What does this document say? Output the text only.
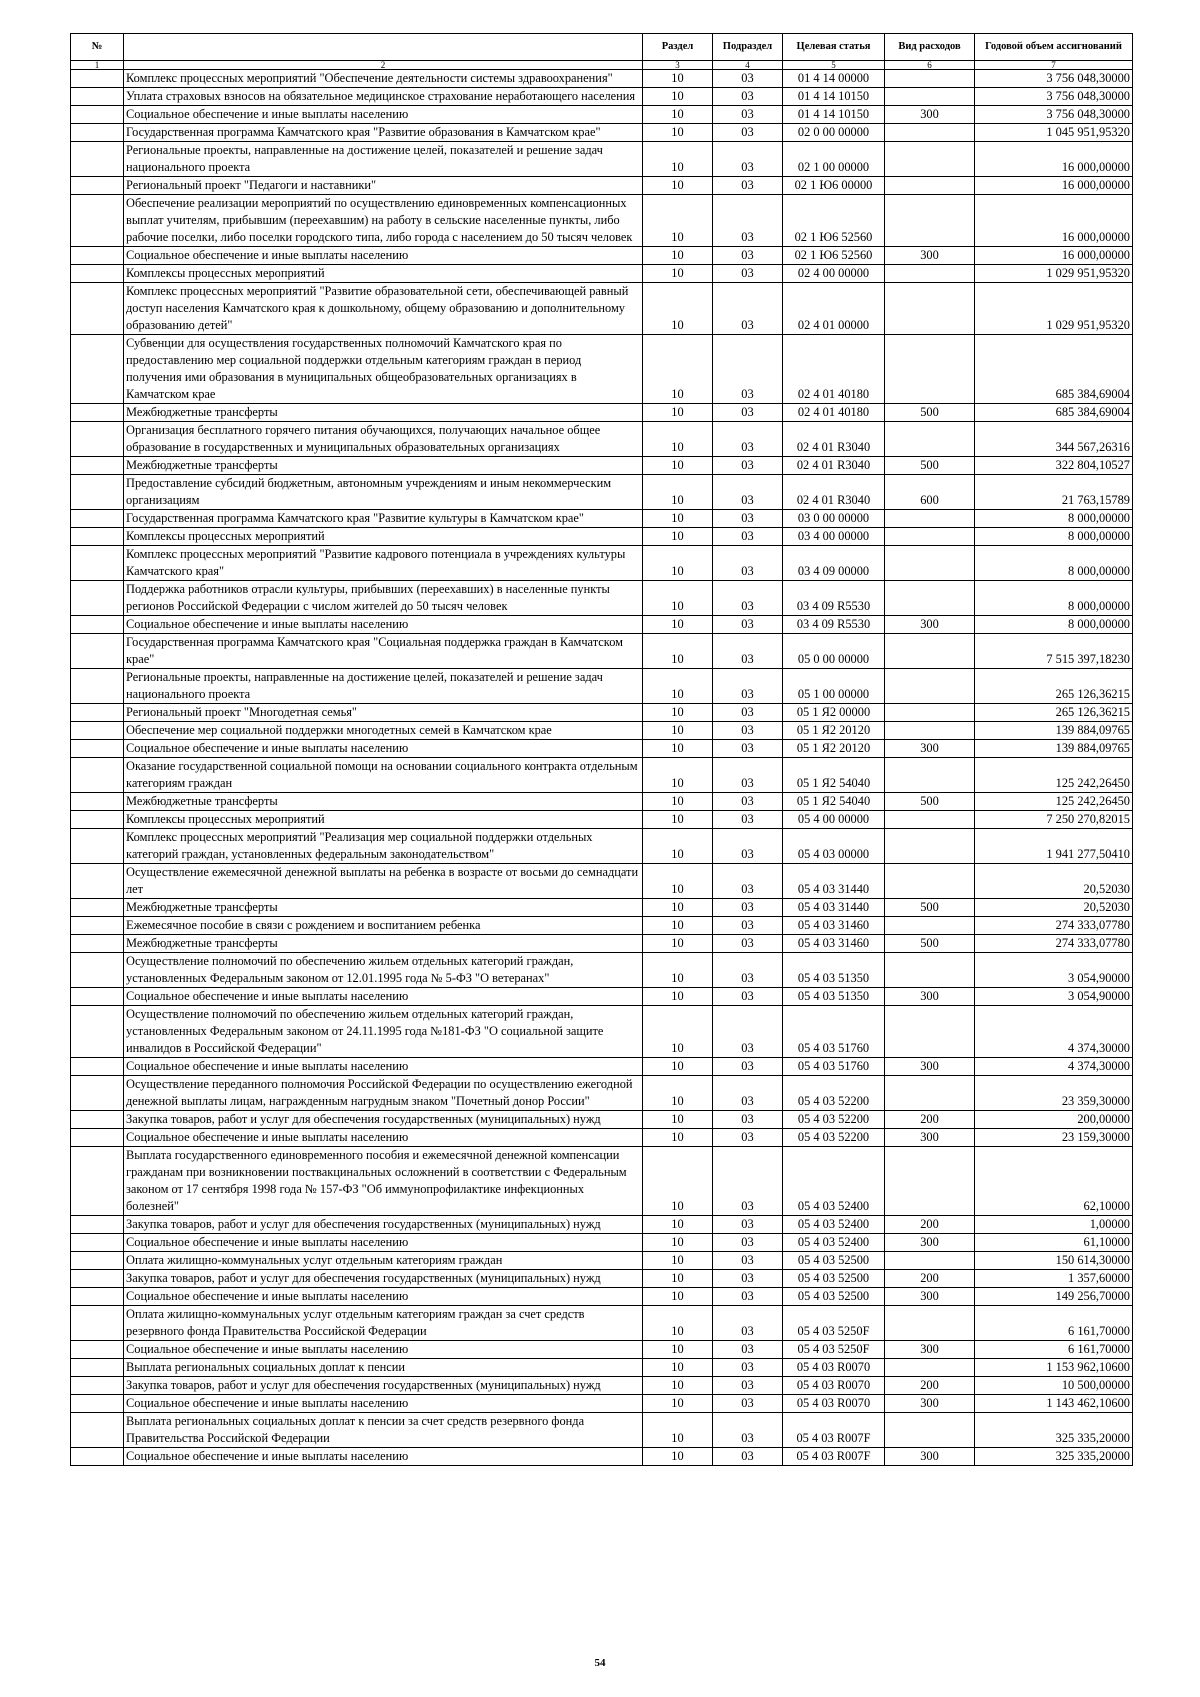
№		Раздел	Подраздел	Целевая статья	Вид расходов	Годовой объем ассигнований
1	2	3	4	5	6	7
	Комплекс процессных мероприятий "Обеспечение деятельности системы здравоохранения"	10	03	01 4 14 00000		3 756 048,30000
	Уплата страховых взносов на обязательное медицинское страхование неработающего населения	10	03	01 4 14 10150		3 756 048,30000
	Социальное обеспечение и иные выплаты населению	10	03	01 4 14 10150	300	3 756 048,30000
	Государственная программа Камчатского края "Развитие образования в Камчатском крае"	10	03	02 0 00 00000		1 045 951,95320
	Региональные проекты, направленные на достижение целей, показателей и решение задач национального проекта	10	03	02 1 00 00000		16 000,00000
	Региональный проект "Педагоги и наставники"	10	03	02 1 Ю6 00000		16 000,00000
	Обеспечение реализации мероприятий по осуществлению единовременных компенсационных выплат учителям, прибывшим (переехавшим) на работу в сельские населенные пункты, либо рабочие поселки, либо поселки городского типа, либо города с населением до 50 тысяч человек	10	03	02 1 Ю6 52560		16 000,00000
	Социальное обеспечение и иные выплаты населению	10	03	02 1 Ю6 52560	300	16 000,00000
	Комплексы процессных мероприятий	10	03	02 4 00 00000		1 029 951,95320
	Комплекс процессных мероприятий "Развитие образовательной сети, обеспечивающей равный доступ населения Камчатского края к дошкольному, общему образованию и дополнительному образованию детей"	10	03	02 4 01 00000		1 029 951,95320
	Субвенции для осуществления государственных полномочий Камчатского края по предоставлению мер социальной поддержки отдельным категориям граждан в период получения ими образования в муниципальных общеобразовательных организациях в Камчатском крае	10	03	02 4 01 40180		685 384,69004
	Межбюджетные трансферты	10	03	02 4 01 40180	500	685 384,69004
	Организация бесплатного горячего питания обучающихся, получающих начальное общее образование в государственных и муниципальных образовательных организациях	10	03	02 4 01 R3040		344 567,26316
	Межбюджетные трансферты	10	03	02 4 01 R3040	500	322 804,10527
	Предоставление субсидий бюджетным, автономным учреждениям и иным некоммерческим организациям	10	03	02 4 01 R3040	600	21 763,15789
	Государственная программа Камчатского края "Развитие культуры в Камчатском крае"	10	03	03 0 00 00000		8 000,00000
	Комплексы процессных мероприятий	10	03	03 4 00 00000		8 000,00000
	Комплекс процессных мероприятий "Развитие кадрового потенциала в учреждениях культуры Камчатского края"	10	03	03 4 09 00000		8 000,00000
	Поддержка работников отрасли культуры, прибывших (переехавших) в населенные пункты регионов Российской Федерации с числом жителей до 50 тысяч человек	10	03	03 4 09 R5530		8 000,00000
	Социальное обеспечение и иные выплаты населению	10	03	03 4 09 R5530	300	8 000,00000
	Государственная программа Камчатского края "Социальная поддержка граждан в Камчатском крае"	10	03	05 0 00 00000		7 515 397,18230
	Региональные проекты, направленные на достижение целей, показателей и решение задач национального проекта	10	03	05 1 00 00000		265 126,36215
	Региональный проект "Многодетная семья"	10	03	05 1 Я2 00000		265 126,36215
	Обеспечение мер социальной поддержки многодетных семей в Камчатском крае	10	03	05 1 Я2 20120		139 884,09765
	Социальное обеспечение и иные выплаты населению	10	03	05 1 Я2 20120	300	139 884,09765
	Оказание государственной социальной помощи на основании социального контракта отдельным категориям граждан	10	03	05 1 Я2 54040		125 242,26450
	Межбюджетные трансферты	10	03	05 1 Я2 54040	500	125 242,26450
	Комплексы процессных мероприятий	10	03	05 4 00 00000		7 250 270,82015
	Комплекс процессных мероприятий "Реализация мер социальной поддержки отдельных категорий граждан, установленных федеральным законодательством"	10	03	05 4 03 00000		1 941 277,50410
	Осуществление ежемесячной денежной выплаты на ребенка в возрасте от восьми до семнадцати лет	10	03	05 4 03 31440		20,52030
	Межбюджетные трансферты	10	03	05 4 03 31440	500	20,52030
	Ежемесячное пособие в связи с рождением и воспитанием ребенка	10	03	05 4 03 31460		274 333,07780
	Межбюджетные трансферты	10	03	05 4 03 31460	500	274 333,07780
	Осуществление полномочий по обеспечению жильем отдельных категорий граждан, установленных Федеральным законом от 12.01.1995 года № 5-ФЗ "О ветеранах"	10	03	05 4 03 51350		3 054,90000
	Социальное обеспечение и иные выплаты населению	10	03	05 4 03 51350	300	3 054,90000
	Осуществление полномочий по обеспечению жильем отдельных категорий граждан, установленных Федеральным законом от 24.11.1995 года №181-ФЗ "О социальной защите инвалидов в Российской Федерации"	10	03	05 4 03 51760		4 374,30000
	Социальное обеспечение и иные выплаты населению	10	03	05 4 03 51760	300	4 374,30000
	Осуществление переданного полномочия Российской Федерации по осуществлению ежегодной денежной выплаты лицам, награжденным нагрудным знаком "Почетный донор России"	10	03	05 4 03 52200		23 359,30000
	Закупка товаров, работ и услуг для обеспечения государственных (муниципальных) нужд	10	03	05 4 03 52200	200	200,00000
	Социальное обеспечение и иные выплаты населению	10	03	05 4 03 52200	300	23 159,30000
	Выплата государственного единовременного пособия и ежемесячной денежной компенсации гражданам при возникновении поствакцинальных осложнений в соответствии с Федеральным законом от 17 сентября 1998 года № 157-ФЗ "Об иммунопрофилактике инфекционных болезней"	10	03	05 4 03 52400		62,10000
	Закупка товаров, работ и услуг для обеспечения государственных (муниципальных) нужд	10	03	05 4 03 52400	200	1,00000
	Социальное обеспечение и иные выплаты населению	10	03	05 4 03 52400	300	61,10000
	Оплата жилищно-коммунальных услуг отдельным категориям граждан	10	03	05 4 03 52500		150 614,30000
	Закупка товаров, работ и услуг для обеспечения государственных (муниципальных) нужд	10	03	05 4 03 52500	200	1 357,60000
	Социальное обеспечение и иные выплаты населению	10	03	05 4 03 52500	300	149 256,70000
	Оплата жилищно-коммунальных услуг отдельным категориям граждан за счет средств резервного фонда Правительства Российской Федерации	10	03	05 4 03 5250F		6 161,70000
	Социальное обеспечение и иные выплаты населению	10	03	05 4 03 5250F	300	6 161,70000
	Выплата региональных социальных доплат к пенсии	10	03	05 4 03 R0070		1 153 962,10600
	Закупка товаров, работ и услуг для обеспечения государственных (муниципальных) нужд	10	03	05 4 03 R0070	200	10 500,00000
	Социальное обеспечение и иные выплаты населению	10	03	05 4 03 R0070	300	1 143 462,10600
	Выплата региональных социальных доплат к пенсии за счет средств резервного фонда Правительства Российской Федерации	10	03	05 4 03 R007F		325 335,20000
	Социальное обеспечение и иные выплаты населению	10	03	05 4 03 R007F	300	325 335,20000
54
